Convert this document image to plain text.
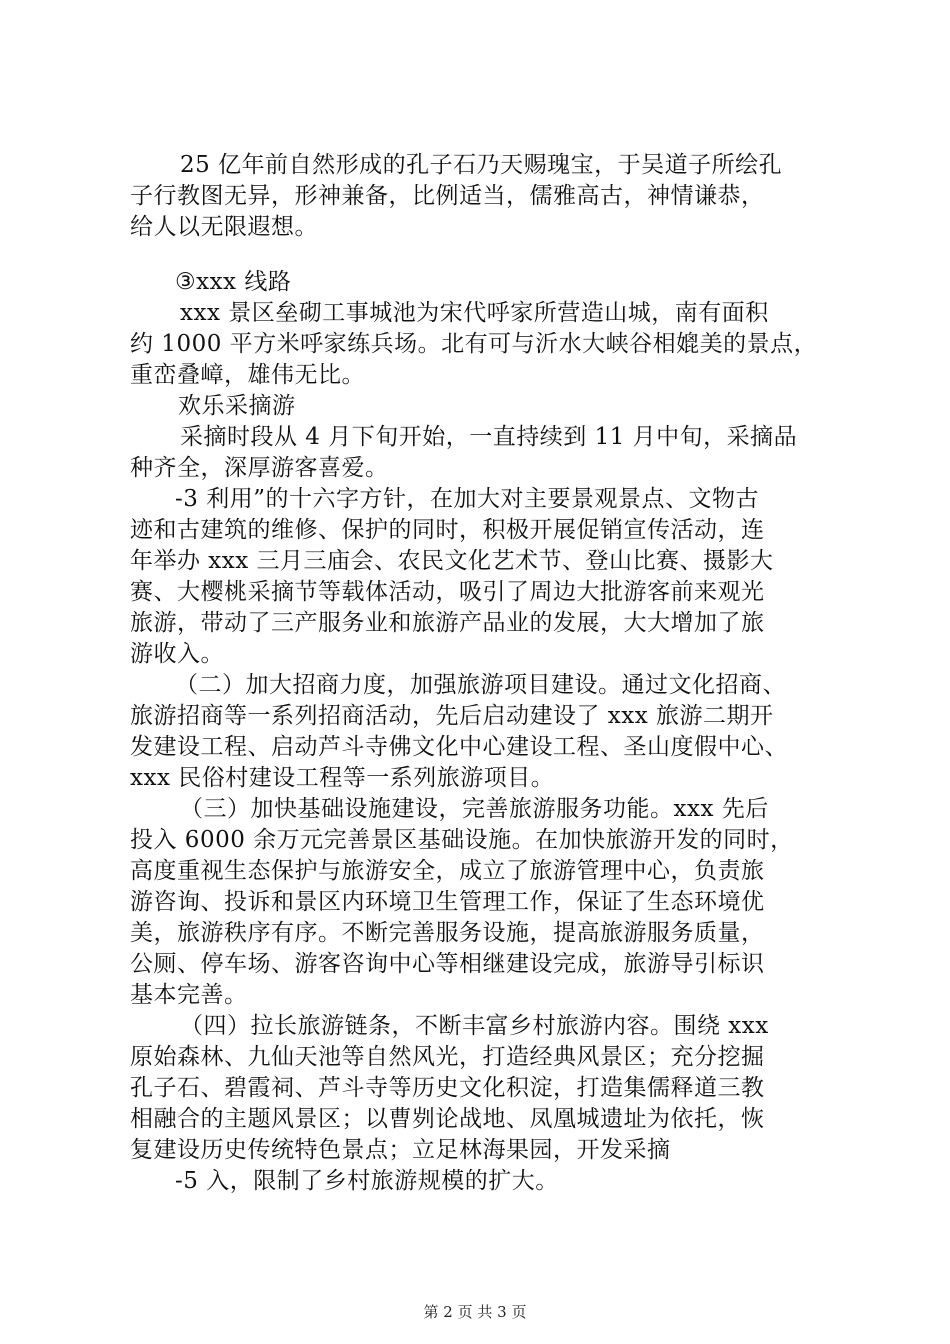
25 亿年前自然形成的孔子石乃天赐瑰宝，于吴道子所绘孔
子行教图无异，形神兼备，比例适当，儒雅高古，神情谦恭，
给人以无限遐想。
③xxx 线路
xxx 景区垒砌工事城池为宋代呼家所营造山城，南有面积
约 1000 平方米呼家练兵场。北有可与沂水大峡谷相媲美的景点，
重峦叠嶂，雄伟无比。
欢乐采摘游
采摘时段从 4 月下旬开始，一直持续到 11 月中旬，采摘品
种齐全，深厚游客喜爱。
-3 利用”的十六字方针，在加大对主要景观景点、文物古
迹和古建筑的维修、保护的同时，积极开展促销宣传活动，连
年举办 xxx 三月三庙会、农民文化艺术节、登山比赛、摄影大
赛、大樱桃采摘节等载体活动，吸引了周边大批游客前来观光
旅游，带动了三产服务业和旅游产品业的发展，大大增加了旅
游收入。
（二）加大招商力度，加强旅游项目建设。通过文化招商、
旅游招商等一系列招商活动，先后启动建设了 xxx 旅游二期开
发建设工程、启动芦斗寺佛文化中心建设工程、圣山度假中心、
xxx 民俗村建设工程等一系列旅游项目。
（三）加快基础设施建设，完善旅游服务功能。xxx 先后
投入 6000 余万元完善景区基础设施。在加快旅游开发的同时，
高度重视生态保护与旅游安全，成立了旅游管理中心，负责旅
游咨询、投诉和景区内环境卫生管理工作，保证了生态环境优
美，旅游秩序有序。不断完善服务设施，提高旅游服务质量，
公厕、停车场、游客咨询中心等相继建设完成，旅游导引标识
基本完善。
（四）拉长旅游链条，不断丰富乡村旅游内容。围绕 xxx
原始森林、九仙天池等自然风光，打造经典风景区；充分挖掘
孔子石、碧霞祠、芦斗寺等历史文化积淀，打造集儒释道三教
相融合的主题风景区；以曹刿论战地、凤凰城遗址为依托，恢
复建设历史传统特色景点；立足林海果园，开发采摘
-5 入，限制了乡村旅游规模的扩大。
第 2 页 共 3 页
